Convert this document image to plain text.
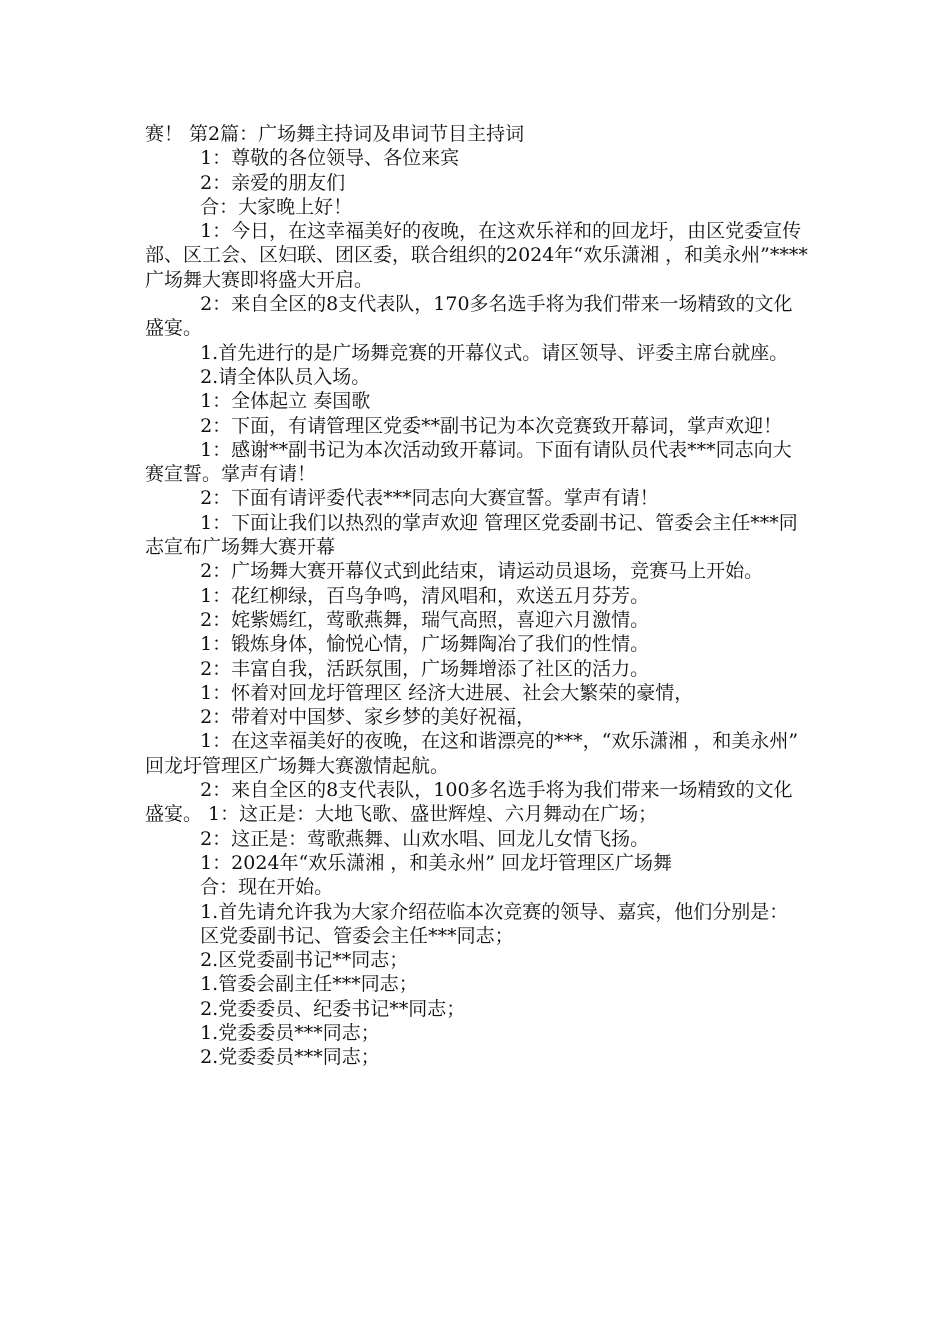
赛！ 第2篇：广场舞主持词及串词节目主持词

1：尊敬的各位领导、各位来宾

2：亲爱的朋友们

合：大家晚上好！

1：今日，在这幸福美好的夜晚，在这欢乐祥和的回龙圩，由区党委宣传部、区工会、区妇联、团区委，联合组织的2024年“欢乐潇湘 ，和美永州”****广场舞大赛即将盛大开启。

2：来自全区的8支代表队，170多名选手将为我们带来一场精致的文化盛宴。

1.首先进行的是广场舞竞赛的开幕仪式。请区领导、评委主席台就座。

2.请全体队员入场。

1：全体起立 奏国歌

2：下面，有请管理区党委**副书记为本次竞赛致开幕词，掌声欢迎！

1：感谢**副书记为本次活动致开幕词。下面有请队员代表***同志向大赛宣誓。掌声有请！

2：下面有请评委代表***同志向大赛宣誓。掌声有请！

1：下面让我们以热烈的掌声欢迎 管理区党委副书记、管委会主任***同志宣布广场舞大赛开幕

2：广场舞大赛开幕仪式到此结束，请运动员退场，竞赛马上开始。

1：花红柳绿，百鸟争鸣，清风唱和，欢送五月芬芳。

2：姹紫嫣红，莺歌燕舞，瑞气高照，喜迎六月激情。

1：锻炼身体，愉悦心情，广场舞陶冶了我们的性情。

2：丰富自我，活跃氛围，广场舞增添了社区的活力。

1：怀着对回龙圩管理区 经济大进展、社会大繁荣的豪情，

2：带着对中国梦、家乡梦的美好祝福，

1：在这幸福美好的夜晚，在这和谐漂亮的***，“欢乐潇湘 ，和美永州” 回龙圩管理区广场舞大赛激情起航。

2：来自全区的8支代表队，100多名选手将为我们带来一场精致的文化盛宴。 1：这正是：大地飞歌、盛世辉煌、六月舞动在广场；

2：这正是：莺歌燕舞、山欢水唱、回龙儿女情飞扬。

1：2024年“欢乐潇湘 ，和美永州” 回龙圩管理区广场舞

合：现在开始。

1.首先请允许我为大家介绍莅临本次竞赛的领导、嘉宾，他们分别是：

区党委副书记、管委会主任***同志；

2.区党委副书记**同志；

1.管委会副主任***同志；

2.党委委员、纪委书记**同志；

1.党委委员***同志；

2.党委委员***同志；
